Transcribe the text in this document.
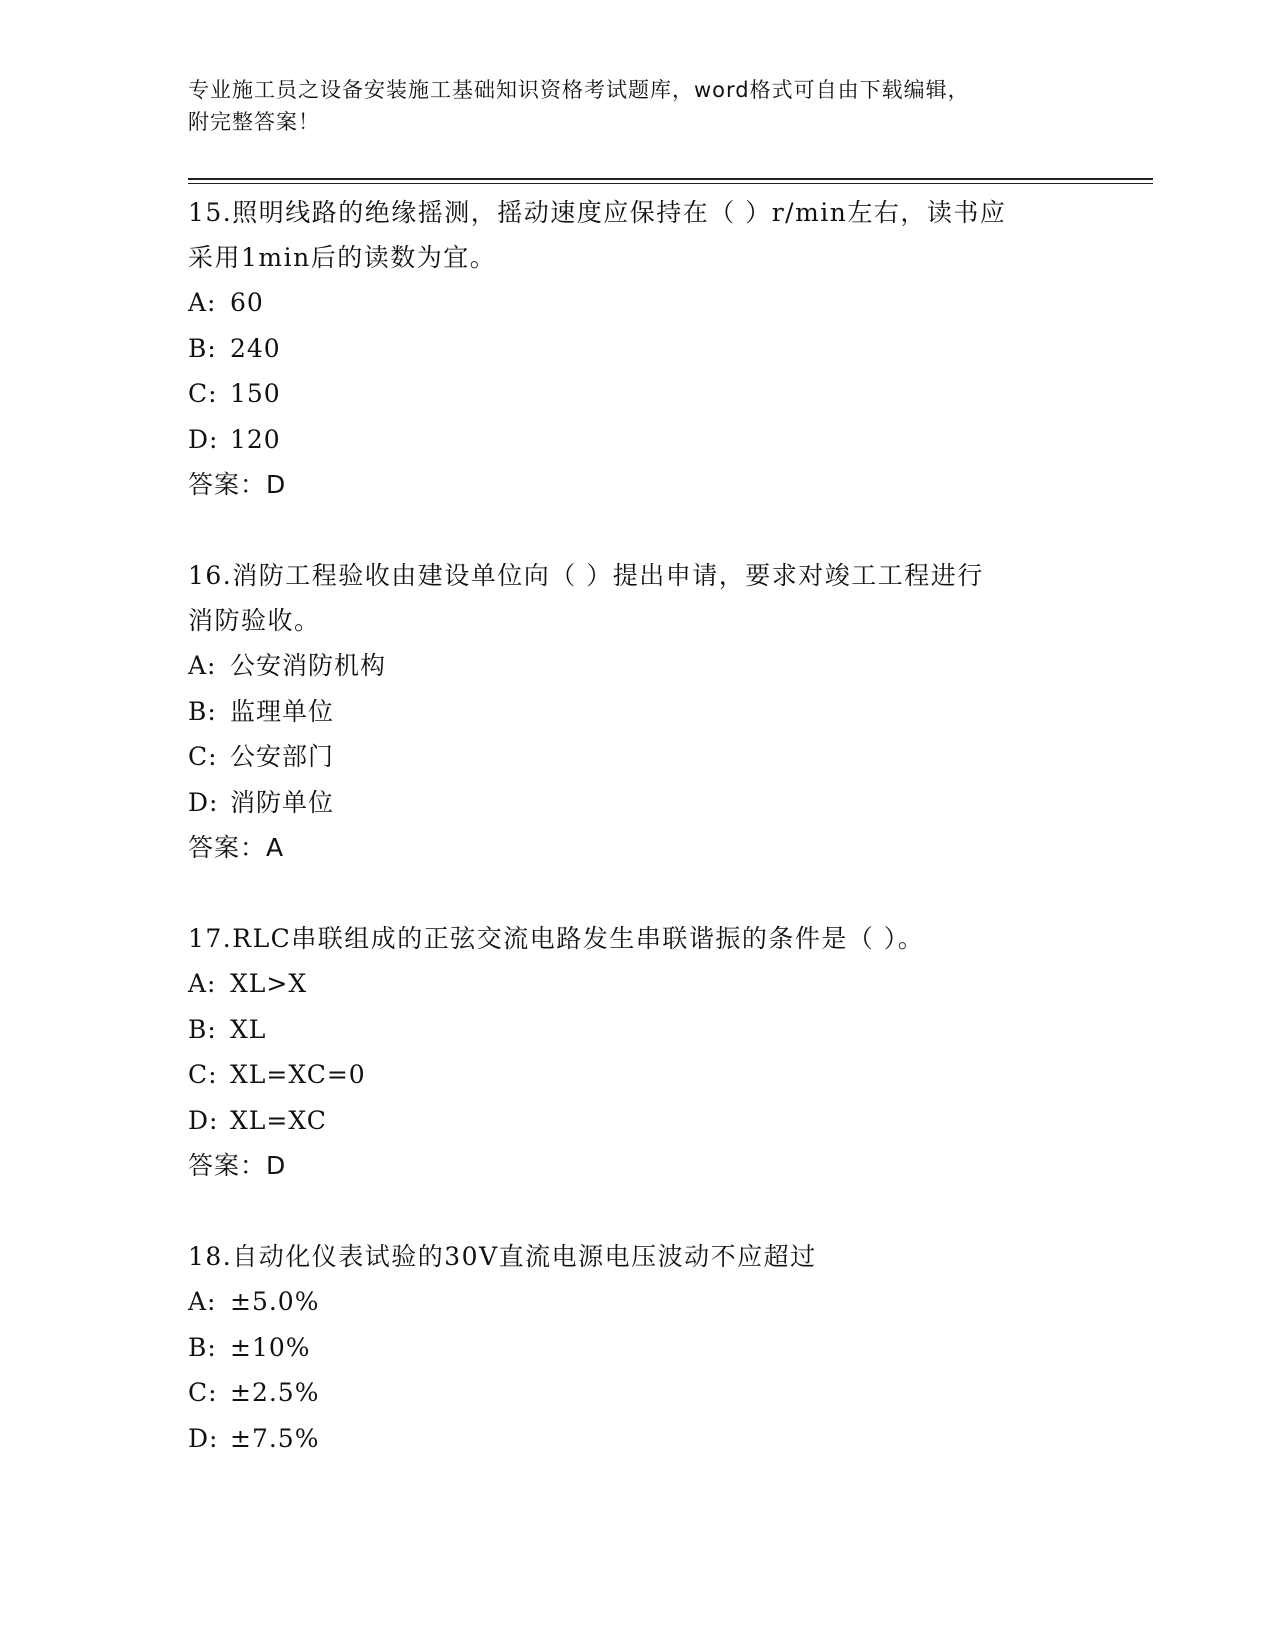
专业施工员之设备安装施工基础知识资格考试题库，word格式可自由下载编辑，
附完整答案！
15.照明线路的绝缘摇测，摇动速度应保持在（ ）r/min左右，读书应
采用1min后的读数为宜。
A: 60
B: 240
C: 150
D: 120
答案：D
16.消防工程验收由建设单位向（ ）提出申请，要求对竣工工程进行
消防验收。
A: 公安消防机构
B: 监理单位
C: 公安部门
D: 消防单位
答案：A
17.RLC串联组成的正弦交流电路发生串联谐振的条件是（ ）。
A: XL>X
B: XL
C: XL=XC=0
D: XL=XC
答案：D
18.自动化仪表试验的30V直流电源电压波动不应超过
A: ±5.0%
B: ±10%
C: ±2.5%
D: ±7.5%
